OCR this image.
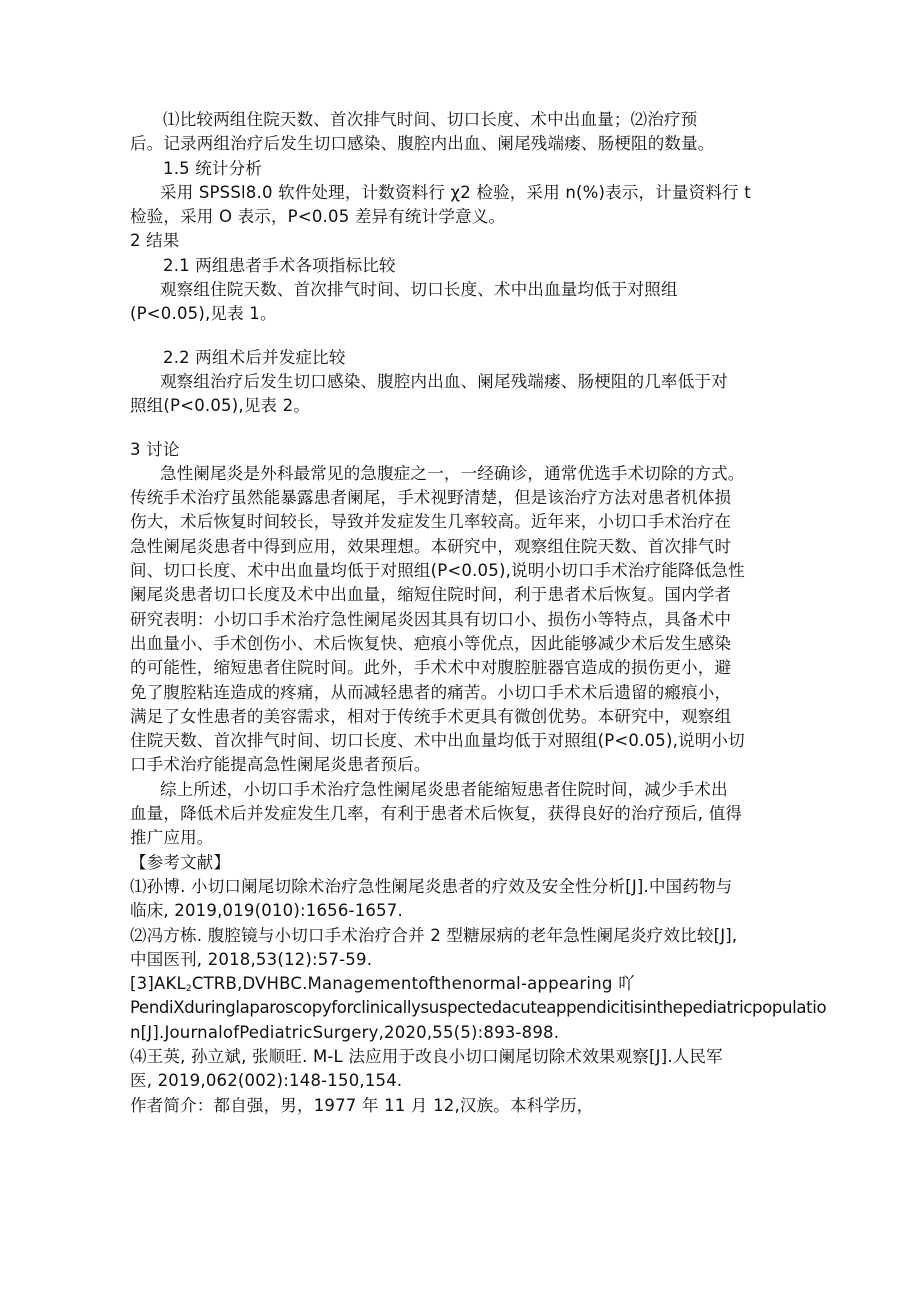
⑴比较两组住院天数、首次排气时间、切口长度、术中出血量；⑵治疗预
后。记录两组治疗后发生切口感染、腹腔内出血、阑尾残端瘘、肠梗阻的数量。
1.5 统计分析
采用 SPSSl8.0 软件处理，计数资料行 χ2 检验，采用 n(%)表示，计量资料行 t
检验，采用 O 表示，P<0.05 差异有统计学意义。
2 结果
2.1 两组患者手术各项指标比较
观察组住院天数、首次排气时间、切口长度、术中出血量均低于对照组
(P<0.05),见表 1。
2.2 两组术后并发症比较
观察组治疗后发生切口感染、腹腔内出血、阑尾残端瘘、肠梗阻的几率低于对
照组(P<0.05),见表 2。
3 讨论
急性阑尾炎是外科最常见的急腹症之一，一经确诊，通常优选手术切除的方式。
传统手术治疗虽然能暴露患者阑尾，手术视野清楚，但是该治疗方法对患者机体损
伤大，术后恢复时间较长，导致并发症发生几率较高。近年来，小切口手术治疗在
急性阑尾炎患者中得到应用，效果理想。本研究中，观察组住院天数、首次排气时
间、切口长度、术中出血量均低于对照组(P<0.05),说明小切口手术治疗能降低急性
阑尾炎患者切口长度及术中出血量，缩短住院时间，利于患者术后恢复。国内学者
研究表明：小切口手术治疗急性阑尾炎因其具有切口小、损伤小等特点，具备术中
出血量小、手术创伤小、术后恢复快、疤痕小等优点，因此能够减少术后发生感染
的可能性，缩短患者住院时间。此外，手术术中对腹腔脏器官造成的损伤更小，避
免了腹腔粘连造成的疼痛，从而减轻患者的痛苦。小切口手术术后遗留的瘢痕小，
满足了女性患者的美容需求，相对于传统手术更具有微创优势。本研究中，观察组
住院天数、首次排气时间、切口长度、术中出血量均低于对照组(P<0.05),说明小切
口手术治疗能提高急性阑尾炎患者预后。
综上所述，小切口手术治疗急性阑尾炎患者能缩短患者住院时间，减少手术出
血量，降低术后并发症发生几率，有利于患者术后恢复，获得良好的治疗预后, 值得
推广应用。
【参考文献】
⑴孙博. 小切口阑尾切除术治疗急性阑尾炎患者的疗效及安全性分析[J].中国药物与
临床, 2019,019(010):1656-1657.
⑵冯方栋. 腹腔镜与小切口手术治疗合并 2 型糖尿病的老年急性阑尾炎疗效比较[J],
中国医刊, 2018,53(12):57-59.
$[3]AKL_2CTRB,DVHBC.Managementofthenormal$-appearing 吖
PendiXduringlaparoscopyforclinicallysuspectedacuteappendicitisinthepediatricpopulatio
n[J].JournalofPediatricSurgery,2020,55(5):893-898.
⑷王英, 孙立斌, 张顺旺. M-L 法应用于改良小切口阑尾切除术效果观察[J].人民军
医, 2019,062(002):148-150,154.
作者简介：都自强，男，1977 年 11 月 12,汉族。本科学历，
